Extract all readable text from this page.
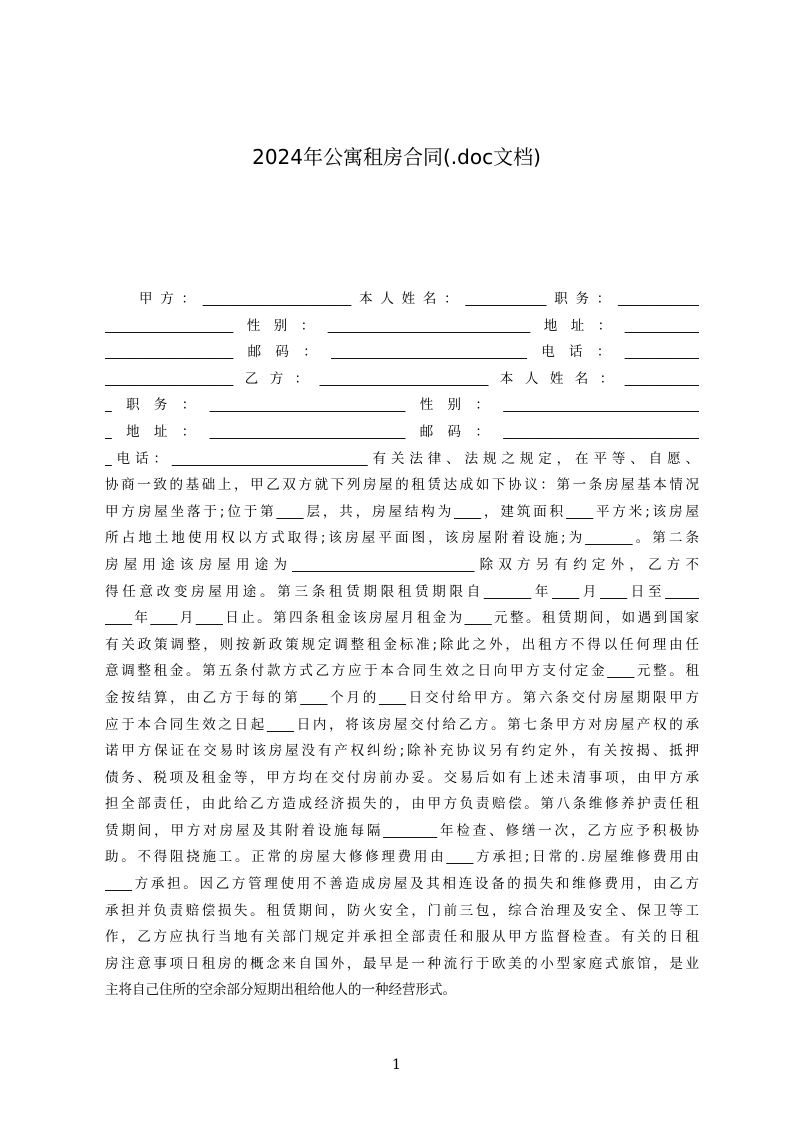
2024年公寓租房合同(.doc文档)
甲方：______________________本人姓名：____________职务：____________
___________________性别：______________________________地址：___________
___________________邮码：_____________________________电话：___________
___________________乙方：_________________________本人姓名：___________
_职务：_____________________________性别：_____________________________
_地址：_____________________________邮码：_____________________________
_电话：_____________________________有关法律、法规之规定，在平等、自愿、
协商一致的基础上，甲乙双方就下列房屋的租赁达成如下协议：第一条房屋基本情况
甲方房屋坐落于;位于第____层，共，房屋结构为____，建筑面积____平方米;该房屋
所占地土地使用权以方式取得;该房屋平面图，该房屋附着设施;为_______。第二条
房屋用途该房屋用途为___________________________除双方另有约定外，乙方不
得任意改变房屋用途。第三条租赁期限租赁期限自_______年____月____日至_____
____年____月____日止。第四条租金该房屋月租金为____元整。租赁期间，如遇到国家
有关政策调整，则按新政策规定调整租金标准;除此之外，出租方不得以任何理由任
意调整租金。第五条付款方式乙方应于本合同生效之日向甲方支付定金____元整。租
金按结算，由乙方于每的第____个月的____日交付给甲方。第六条交付房屋期限甲方
应于本合同生效之日起____日内，将该房屋交付给乙方。第七条甲方对房屋产权的承
诺甲方保证在交易时该房屋没有产权纠纷;除补充协议另有约定外，有关按揭、抵押
债务、税项及租金等，甲方均在交付房前办妥。交易后如有上述未清事项，由甲方承
担全部责任，由此给乙方造成经济损失的，由甲方负责赔偿。第八条维修养护责任租
赁期间，甲方对房屋及其附着设施每隔________年检查、修缮一次，乙方应予积极协
助。不得阻挠施工。正常的房屋大修修理费用由____方承担;日常的.房屋维修费用由
____方承担。因乙方管理使用不善造成房屋及其相连设备的损失和维修费用，由乙方
承担并负责赔偿损失。租赁期间，防火安全，门前三包，综合治理及安全、保卫等工
作，乙方应执行当地有关部门规定并承担全部责任和服从甲方监督检查。有关的日租
房注意事项日租房的概念来自国外，最早是一种流行于欧美的小型家庭式旅馆，是业
主将自己住所的空余部分短期出租给他人的一种经营形式。
1
